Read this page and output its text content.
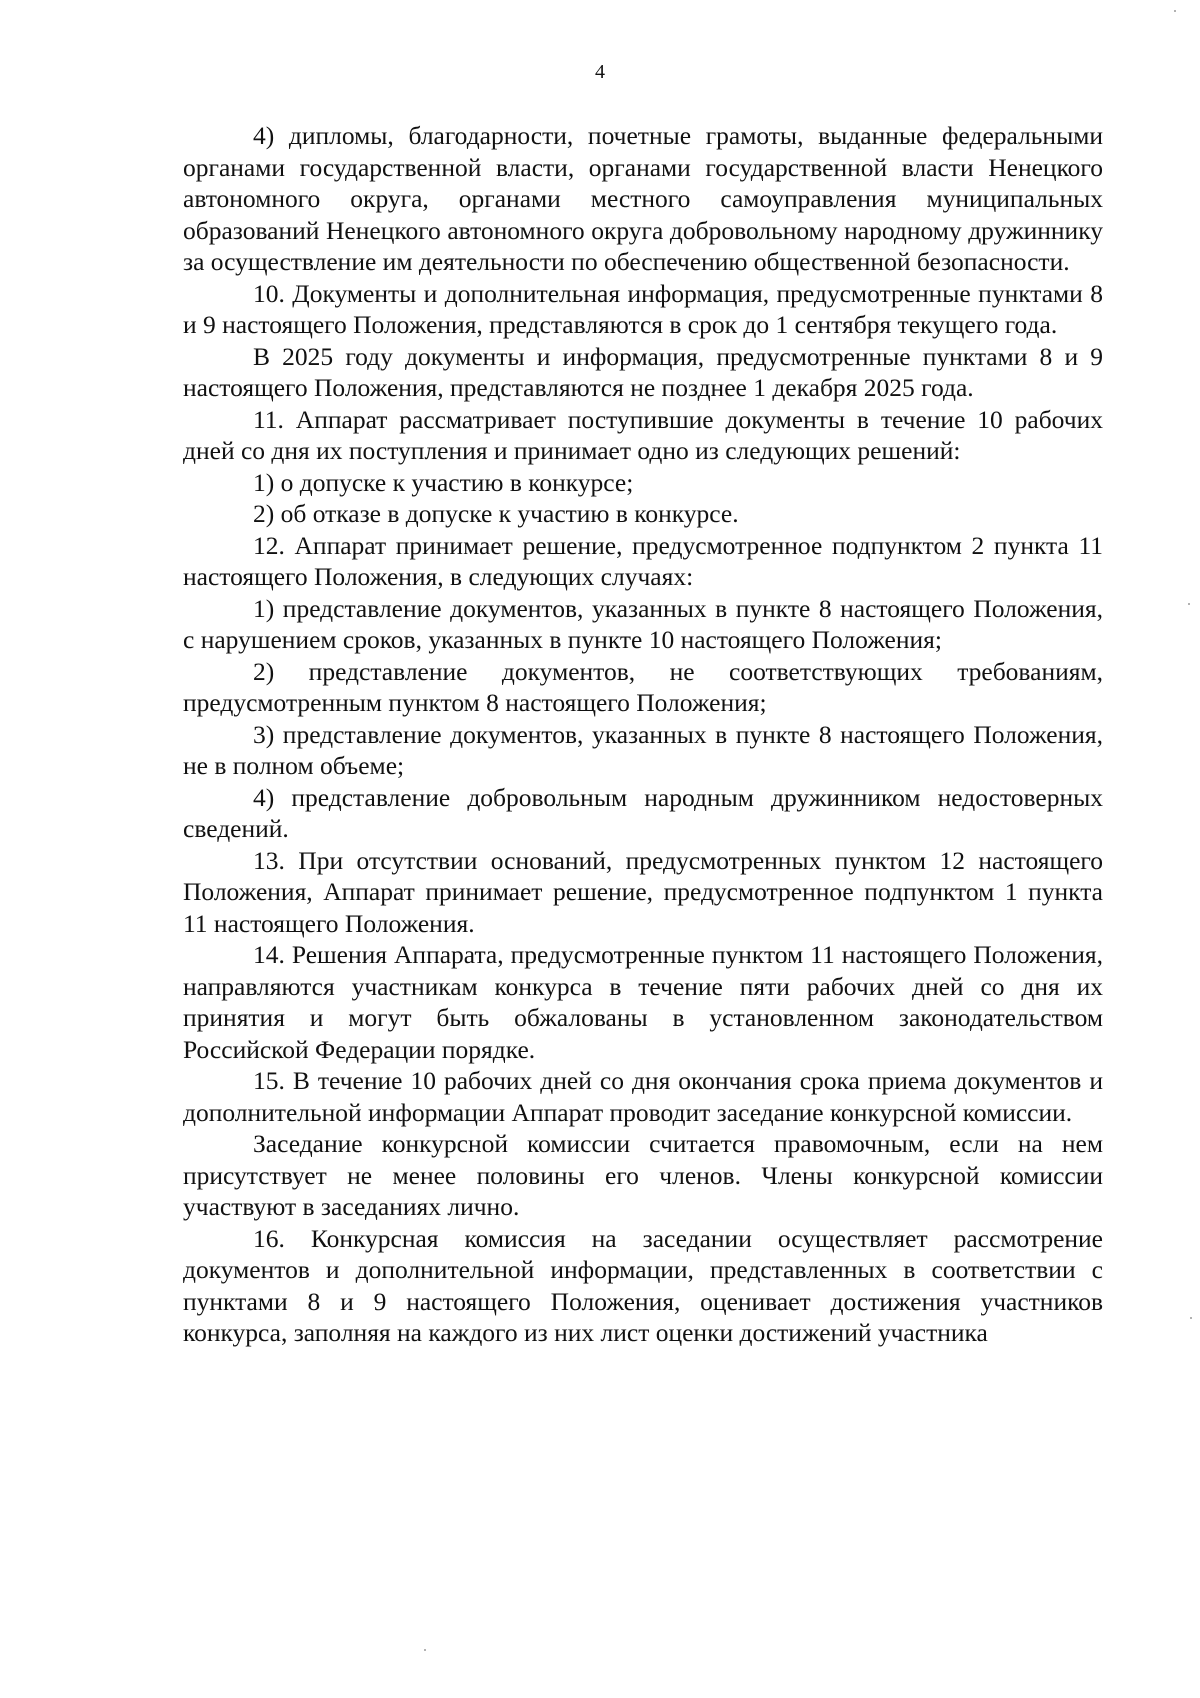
4

4) дипломы, благодарности, почетные грамоты, выданные федеральными органами государственной власти, органами государственной власти Ненецкого автономного округа, органами местного самоуправления муниципальных образований Ненецкого автономного округа добровольному народному дружиннику за осуществление им деятельности по обеспечению общественной безопасности.

10. Документы и дополнительная информация, предусмотренные пунктами 8 и 9 настоящего Положения, представляются в срок до 1 сентября текущего года.

В 2025 году документы и информация, предусмотренные пунктами 8 и 9 настоящего Положения, представляются не позднее 1 декабря 2025 года.

11. Аппарат рассматривает поступившие документы в течение 10 рабочих дней со дня их поступления и принимает одно из следующих решений:

1) о допуске к участию в конкурсе;

2) об отказе в допуске к участию в конкурсе.

12. Аппарат принимает решение, предусмотренное подпунктом 2 пункта 11 настоящего Положения, в следующих случаях:

1) представление документов, указанных в пункте 8 настоящего Положения, с нарушением сроков, указанных в пункте 10 настоящего Положения;

2) представление документов, не соответствующих требованиям, предусмотренным пунктом 8 настоящего Положения;

3) представление документов, указанных в пункте 8 настоящего Положения, не в полном объеме;

4) представление добровольным народным дружинником недостоверных сведений.

13. При отсутствии оснований, предусмотренных пунктом 12 настоящего Положения, Аппарат принимает решение, предусмотренное подпунктом 1 пункта 11 настоящего Положения.

14. Решения Аппарата, предусмотренные пунктом 11 настоящего Положения, направляются участникам конкурса в течение пяти рабочих дней со дня их принятия и могут быть обжалованы в установленном законодательством Российской Федерации порядке.

15. В течение 10 рабочих дней со дня окончания срока приема документов и дополнительной информации Аппарат проводит заседание конкурсной комиссии.

Заседание конкурсной комиссии считается правомочным, если на нем присутствует не менее половины его членов. Члены конкурсной комиссии участвуют в заседаниях лично.

16. Конкурсная комиссия на заседании осуществляет рассмотрение документов и дополнительной информации, представленных в соответствии с пунктами 8 и 9 настоящего Положения, оценивает достижения участников конкурса, заполняя на каждого из них лист оценки достижений участника
